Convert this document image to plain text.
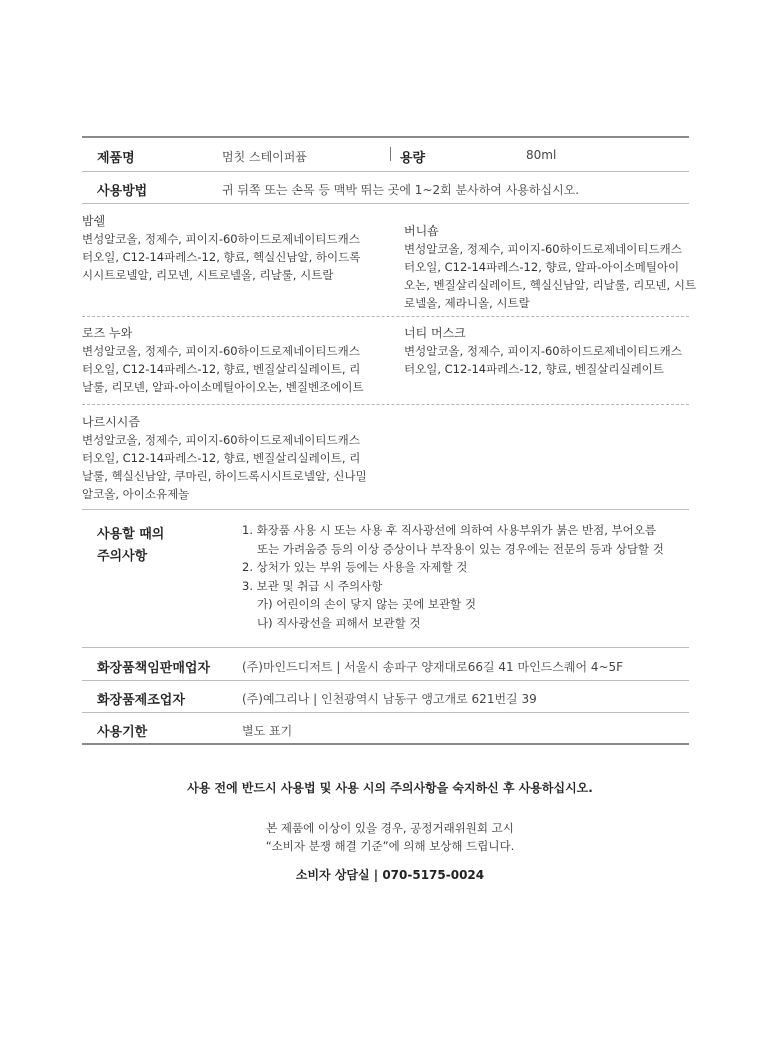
제품명	멈칫 스테이퍼퓸	용량	80ml
사용방법	귀 뒤쪽 또는 손목 등 맥박 뛰는 곳에 1~2회 분사하여 사용하십시오.
밤쉘
변성알코올, 정제수, 피이지-60하이드로제네이티드캐스
터오일, C12-14파레스-12, 향료, 헥실신남알, 하이드록
시시트로넬알, 리모넨, 시트로넬올, 리날룰, 시트랄
버니숍
변성알코올, 정제수, 피이지-60하이드로제네이티드캐스
터오일, C12-14파레스-12, 향료, 알파-아이소메틸아이
오논, 벤질살리실레이트, 헥실신남알, 리날룰, 리모넨, 시트
로넬올, 제라니올, 시트랄
로즈 누와
변성알코올, 정제수, 피이지-60하이드로제네이티드캐스
터오일, C12-14파레스-12, 향료, 벤질살리실레이트, 리
날룰, 리모넨, 알파-아이소메틸아이오논, 벤질벤조에이트
너티 머스크
변성알코올, 정제수, 피이지-60하이드로제네이티드캐스
터오일, C12-14파레스-12, 향료, 벤질살리실레이트
나르시시즘
변성알코올, 정제수, 피이지-60하이드로제네이티드캐스
터오일, C12-14파레스-12, 향료, 벤질살리실레이트, 리
날룰, 헥실신남알, 쿠마린, 하이드록시시트로넬알, 신나밀
알코올, 아이소유제놀
사용할 때의
주의사항
1. 화장품 사용 시 또는 사용 후 직사광선에 의하여 사용부위가 붉은 반점, 부어오름
또는 가려움증 등의 이상 증상이나 부작용이 있는 경우에는 전문의 등과 상담할 것
2. 상처가 있는 부위 등에는 사용을 자제할 것
3. 보관 및 취급 시 주의사항
가) 어린이의 손이 닿지 않는 곳에 보관할 것
나) 직사광선을 피해서 보관할 것
화장품책임판매업자	(주)마인드디저트 | 서울시 송파구 양재대로66길 41 마인드스퀘어 4~5F
화장품제조업자	(주)예그리나 | 인천광역시 남동구 앵고개로 621번길 39
사용기한	별도 표기
사용 전에 반드시 사용법 및 사용 시의 주의사항을 숙지하신 후 사용하십시오.
본 제품에 이상이 있을 경우, 공정거래위원회 고시
“소비자 분쟁 해결 기준”에 의해 보상해 드립니다.
소비자 상담실 | 070-5175-0024
